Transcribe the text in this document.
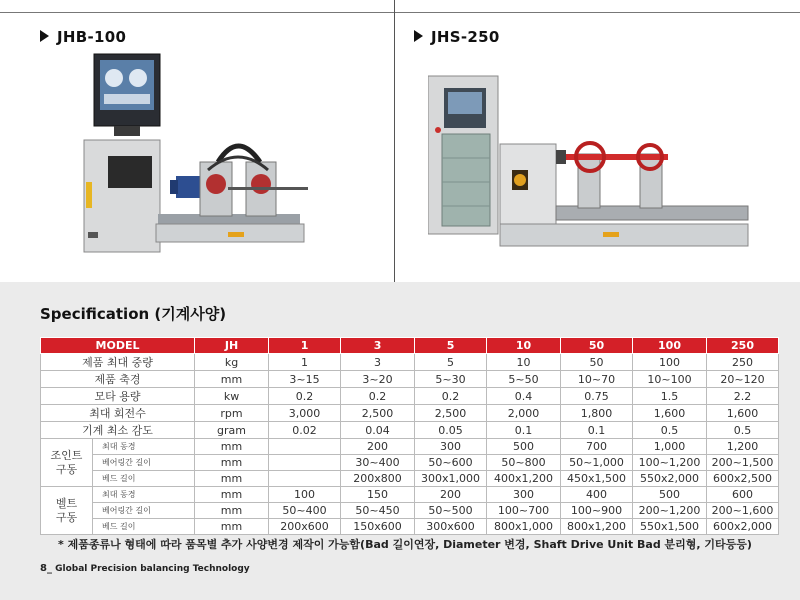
JHB-100	JHS-250
Specification (기계사양)
MODEL		JH	1	3	5	10	50	100	250
제품 최대 중량		kg	1	3	5	10	50	100	250
제품 축경		mm	3~15	3~20	5~30	5~50	10~70	10~100	20~120
모타 용량		kw	0.2	0.2	0.2	0.4	0.75	1.5	2.2
최대 회전수		rpm	3,000	2,500	2,500	2,000	1,800	1,600	1,600
기계 최소 감도		gram	0.02	0.04	0.05	0.1	0.1	0.5	0.5

조인트
구동	최대 동경	mm		200	300	500	700	1,000	1,200
	베어링간 길이	mm		30~400	50~600	50~800	50~1,000	100~1,200	200~1,500
	베드 길이	mm		200x800	300x1,000	400x1,200	450x1,500	550x2,000	600x2,500

벨트
구동	최대 동경	mm	100	150	200	300	400	500	600
	베어링간 길이	mm	50~400	50~450	50~500	100~700	100~900	200~1,200	200~1,600
	베드 길이	mm	200x600	150x600	300x600	800x1,000	800x1,200	550x1,500	600x2,000
* 제품종류나 형태에 따라 품목별 추가 사양변경 제작이 가능함(Bad 길이연장, Diameter 변경, Shaft Drive Unit Bad 분리형, 기타등등)
8_ Global Precision balancing Technology
